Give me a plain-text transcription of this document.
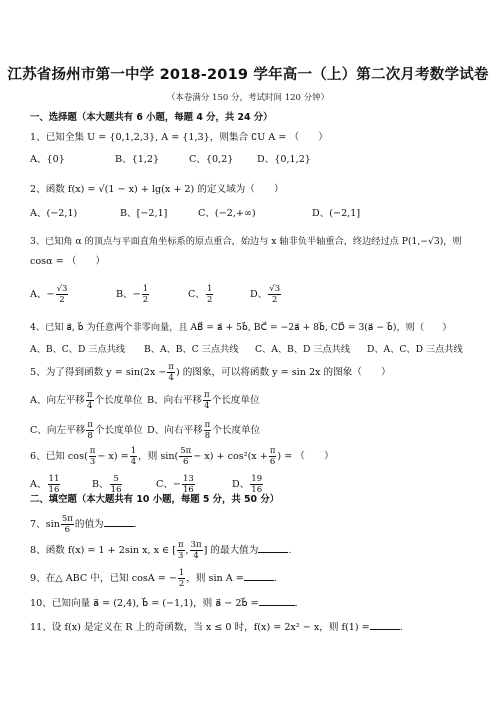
江苏省扬州市第一中学 2018-2019 学年高一（上）第二次月考数学试卷
（本卷满分 150 分，考试时间 120 分钟）
一、选择题（本大题共有 6 小题，每题 4 分，共 24 分）
1、已知全集 U = {0,1,2,3}, A = {1,3}，则集合 ∁U A = （　　）
A、{0}	B、{1,2}	C、{0,2}	D、{0,1,2}
2、函数 f(x) = √(1 − x) + lg(x + 2) 的定义域为（　　）
A、(−2,1)	B、[−2,1]	C、(−2,+∞)	D、(−2,1]
3、已知角 α 的顶点与平面直角坐标系的原点重合，始边与 x 轴非负半轴重合，终边经过点 P(1,−√3)，则
cosα = （　　）
A、− $\frac{√3}{2}$	B、− $\frac{1}{2}$	C、 $\frac{1}{2}$	D、 $\frac{√3}{2}$
4、已知 a⃗, b⃗ 为任意两个非零向量，且 AB⃗ = a⃗ + 5b⃗, BC⃗ = −2a⃗ + 8b⃗, CD⃗ = 3(a⃗ − b⃗)，则（　　）
A、B、C、D 三点共线	B、A、B、C 三点共线	C、A、B、D 三点共线	D、A、C、D 三点共线
5、为了得到函数 $y = \sin(2x - \frac{\pi}{4}$ ) 的图象，可以将函数 y = sin 2x 的图象（　　）
A、向左平移 $\frac{\pi}{4}$ 个长度单位 B、向右平移 $\frac{\pi}{4}$ 个长度单位
C、向左平移 $\frac{\pi}{8}$ 个长度单位 D、向右平移 $\frac{\pi}{8}$ 个长度单位
6、已知 $\cos( \frac{\pi}{3} - x) = \frac{1}{4}$ ，则 $\sin( \frac{5\pi}{6} - x) + \cos^2(x + \frac{\pi}{6}$ ) = （　　）
A、 $\frac{11}{16}$	B、 $\frac{5}{16}$	C、− $\frac{13}{16}$	D、 $\frac{19}{16}$
二、填空题（本大题共有 10 小题，每题 5 分，共 50 分）
7、$\sin \frac{5\pi}{6}$ 的值为	.
8、函数 f(x) = 1 + 2sin x, x ∈ [ $\frac{\pi}{3}$ , $\frac{3\pi}{4}$ ] 的最大值为	.
9、在△ ABC 中，已知 cosA = − $\frac{1}{2}$ ，则 sin A =	.
10、已知向量 a⃗ = (2,4), b⃗ = (−1,1)，则 a⃗ − 2b⃗ =	.
11、设 f(x) 是定义在 R 上的奇函数，当 x ≤ 0 时，f(x) = 2x² − x，则 f(1) =	.
